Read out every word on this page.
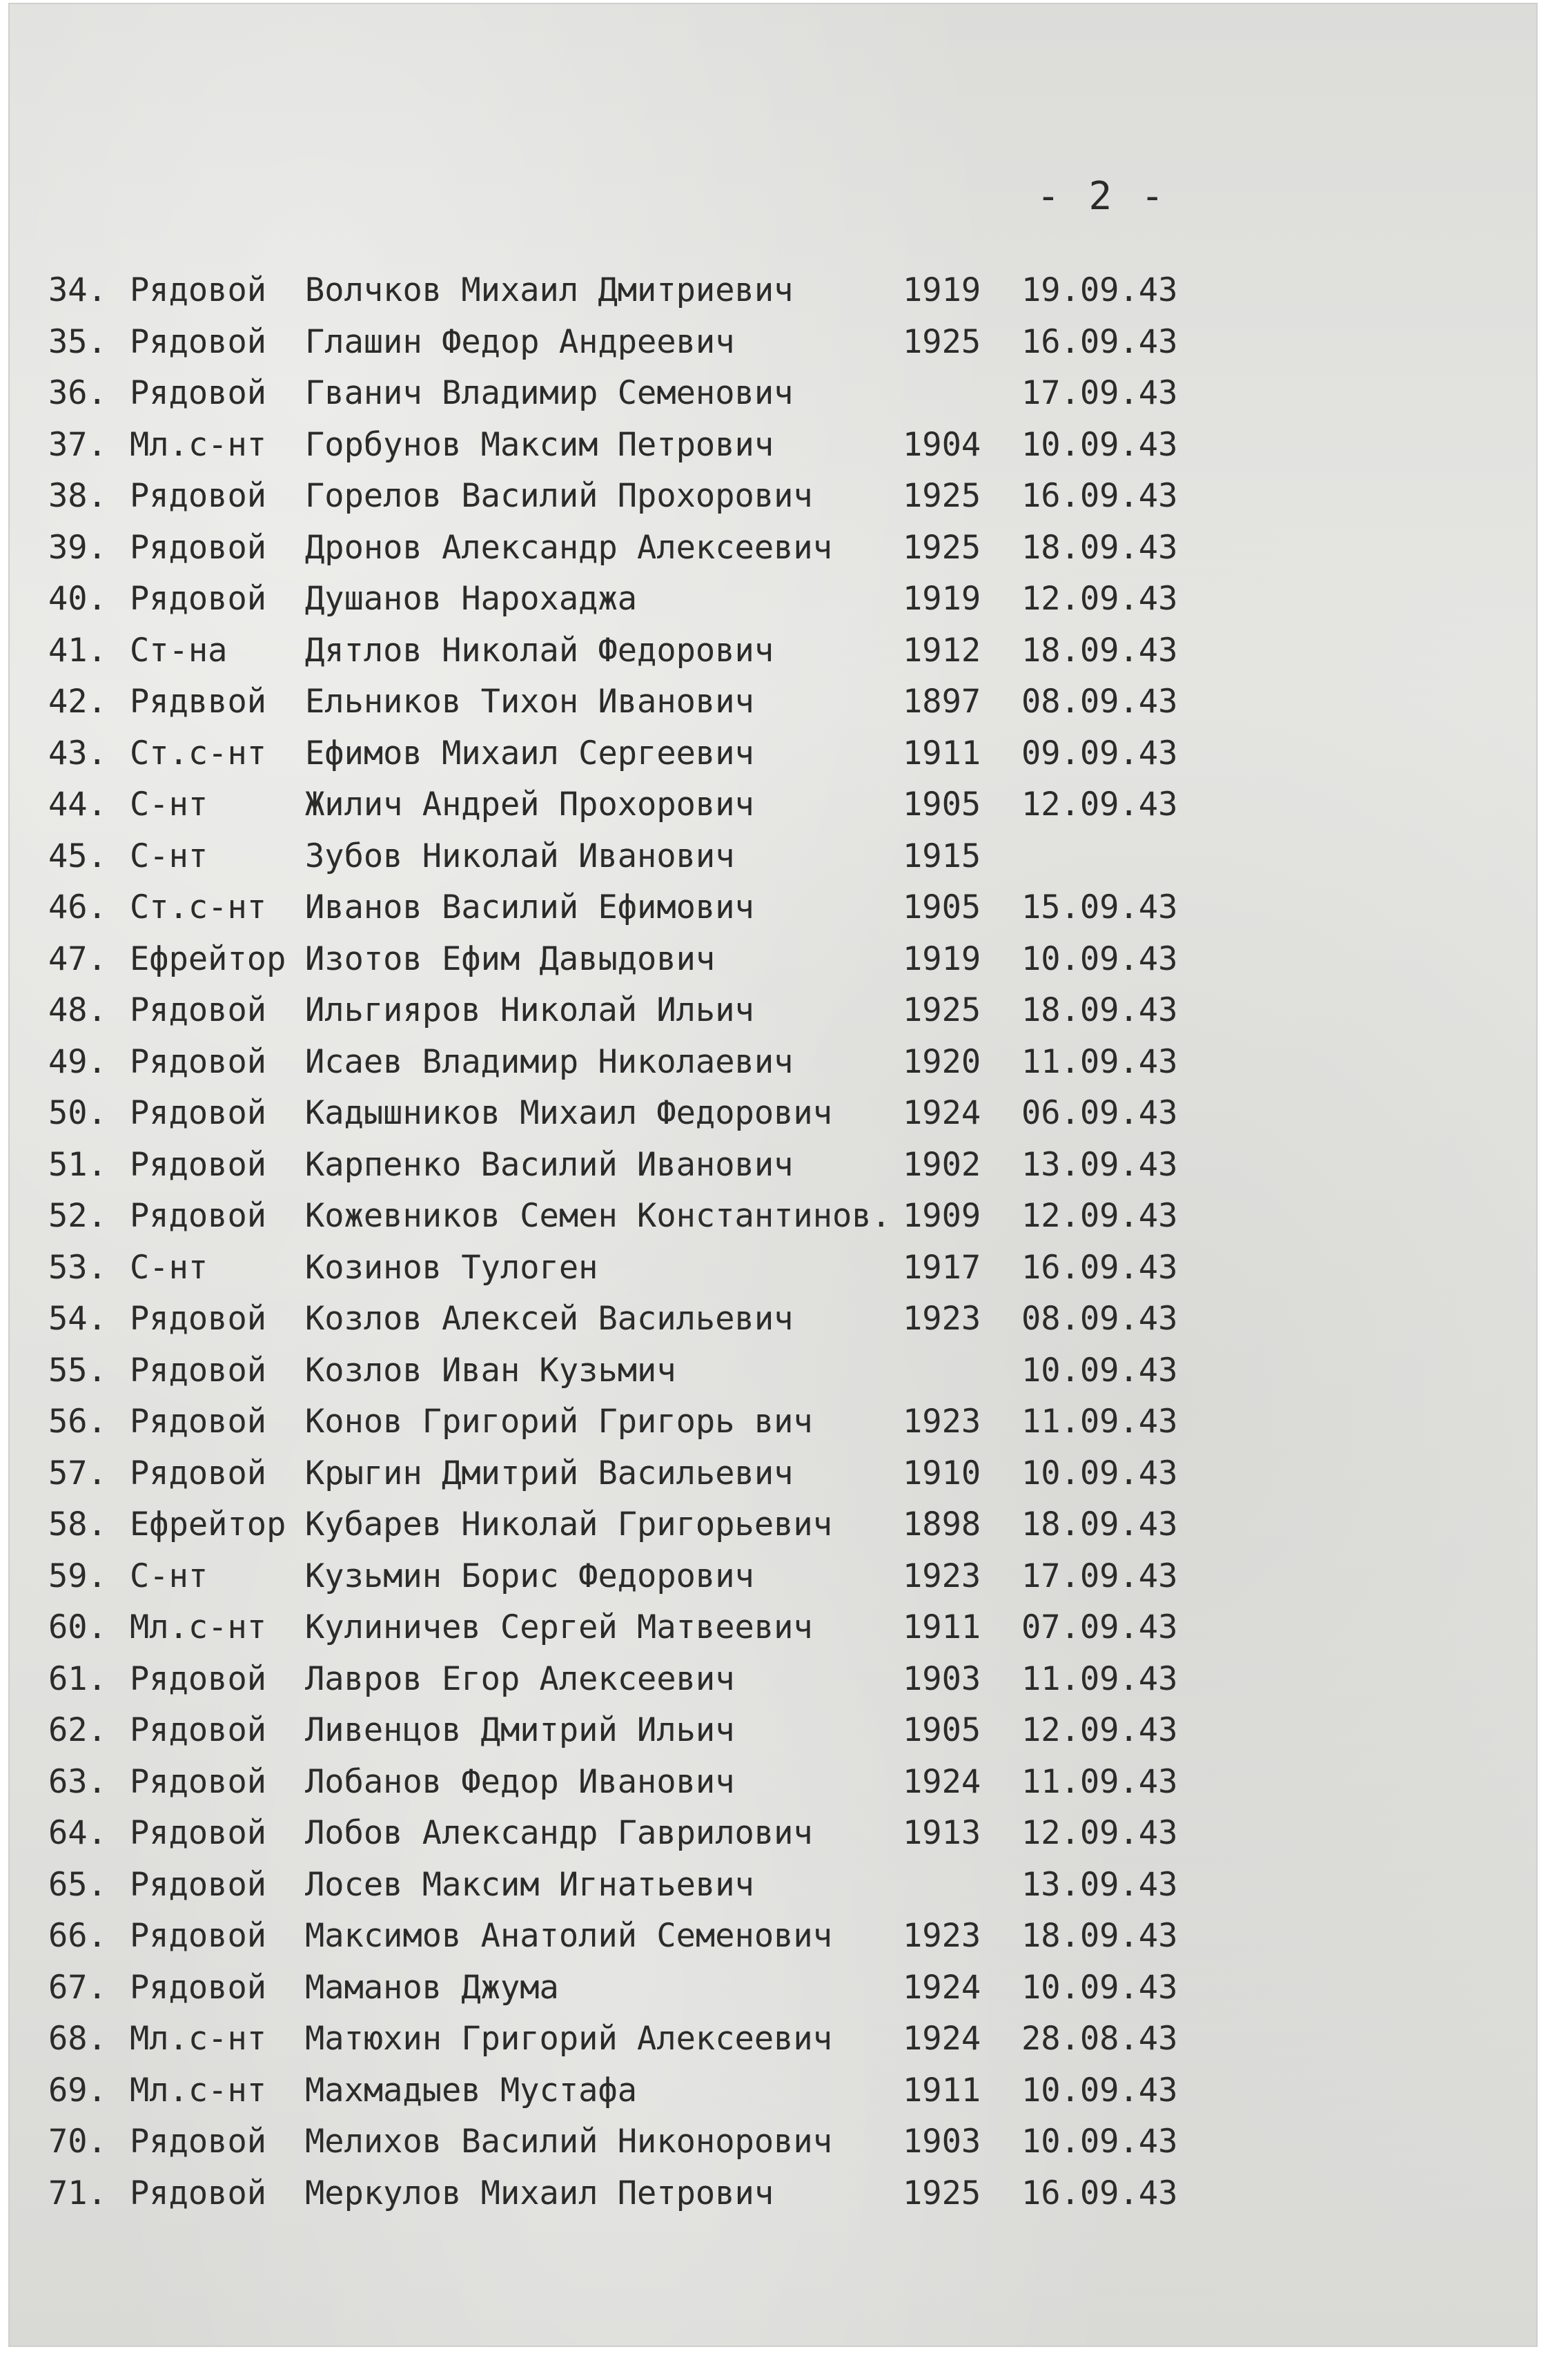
- 2 -
34. Рядовой Волчков Михаил Дмитриевич	1919 19.09.43
35. Рядовой Глашин Федор Андреевич	1925 16.09.43
36. Рядовой Гванич Владимир Семенович	17.09.43
37. Мл.с-нт Горбунов Максим Петрович	1904 10.09.43
38. Рядовой Горелов Василий Прохорович	1925 16.09.43
39. Рядовой Дронов Александр Алексеевич 1925 18.09.43
40. Рядовой Душанов Нарохаджа	1919 12.09.43
41. Ст-на Дятлов Николай Федорович	1912 18.09.43
42. Рядввой Ельников Тихон Иванович	1897 08.09.43
43. Ст.с-нт Ефимов Михаил Сергеевич	1911 09.09.43
44. С-нт	Жилич Андрей Прохорович	1905 12.09.43
45. С-нт	Зубов Николай Иванович	1915
46. Ст.с-нт Иванов Василий Ефимович	1905 15.09.43
47. Ефрейтор Изотов Ефим Давыдович	1919 10.09.43
48. Рядовой Ильгияров Николай Ильич	1925 18.09.43
49. Рядовой Исаев Владимир Николаевич	1920 11.09.43
50. Рядовой Кадышников Михаил Федорович 1924 06.09.43
51. Рядовой Карпенко Василий Иванович	1902 13.09.43
52. Рядовой Кожевников Семен Константинов. 1909 12.09.43
53. С-нт	Козинов Тулоген	1917 16.09.43
54. Рядовой Козлов Алексей Васильевич	1923 08.09.43
55. Рядовой Козлов Иван Кузьмич	10.09.43
56. Рядовой Конов Григорий Григорь вич	1923 11.09.43
57. Рядовой Крыгин Дмитрий Васильевич	1910 10.09.43
58. Ефрейтор Кубарев Николай Григорьевич 1898 18.09.43
59. С-нт	Кузьмин Борис Федорович	1923 17.09.43
60. Мл.с-нт Кулиничев Сергей Матвеевич	1911 07.09.43
61. Рядовой Лавров Егор Алексеевич	1903 11.09.43
62. Рядовой Ливенцов Дмитрий Ильич	1905 12.09.43
63. Рядовой Лобанов Федор Иванович	1924 11.09.43
64. Рядовой Лобов Александр Гаврилович	1913 12.09.43
65. Рядовой Лосев Максим Игнатьевич	13.09.43
66. Рядовой Максимов Анатолий Семенович 1923 18.09.43
67. Рядовой Маманов Джума	1924 10.09.43
68. Мл.с-нт Матюхин Григорий Алексеевич 1924 28.08.43
69. Мл.с-нт Махмадыев Мустафа	1911 10.09.43
70. Рядовой Мелихов Василий Никонорович 1903 10.09.43
71. Рядовой Меркулов Михаил Петрович	1925 16.09.43
